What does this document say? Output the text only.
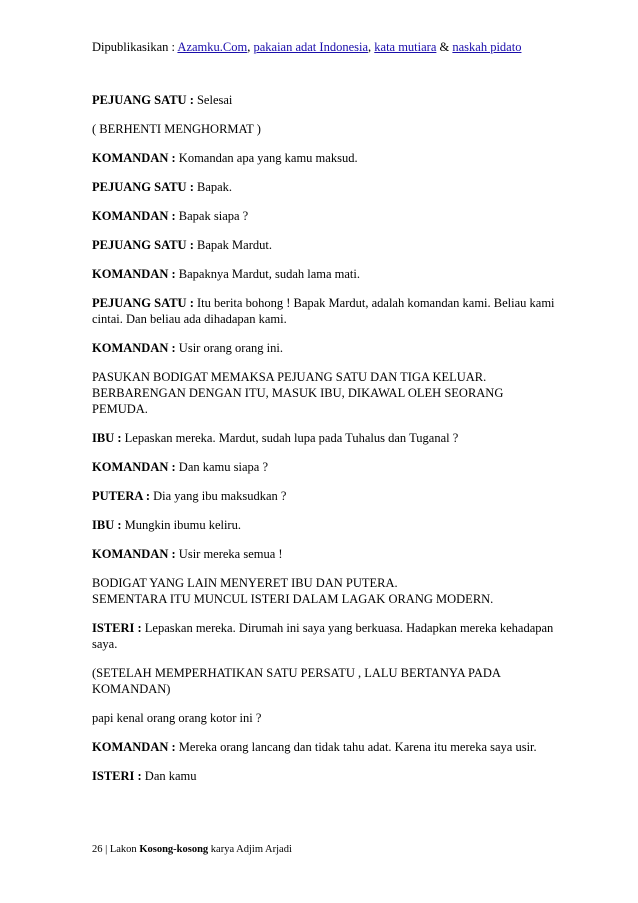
Dipublikasikan : Azamku.Com, pakaian adat Indonesia, kata mutiara & naskah pidato

PEJUANG SATU : Selesai

( BERHENTI MENGHORMAT )

KOMANDAN : Komandan apa yang kamu maksud.

PEJUANG SATU : Bapak.

KOMANDAN : Bapak siapa ?

PEJUANG SATU : Bapak Mardut.

KOMANDAN : Bapaknya Mardut, sudah lama mati.

PEJUANG SATU : Itu berita bohong ! Bapak Mardut, adalah komandan kami. Beliau kami cintai. Dan beliau ada dihadapan kami.

KOMANDAN : Usir orang orang ini.

PASUKAN BODIGAT MEMAKSA PEJUANG SATU DAN TIGA KELUAR. BERBARENGAN DENGAN ITU, MASUK IBU, DIKAWAL OLEH SEORANG PEMUDA.

IBU : Lepaskan mereka. Mardut, sudah lupa pada Tuhalus dan Tuganal ?

KOMANDAN : Dan kamu siapa ?

PUTERA : Dia yang ibu maksudkan ?

IBU : Mungkin ibumu keliru.

KOMANDAN : Usir mereka semua !

BODIGAT YANG LAIN MENYERET IBU DAN PUTERA.
SEMENTARA ITU MUNCUL ISTERI DALAM LAGAK ORANG MODERN.

ISTERI : Lepaskan mereka. Dirumah ini saya yang berkuasa. Hadapkan mereka kehadapan saya.

(SETELAH MEMPERHATIKAN SATU PERSATU , LALU BERTANYA PADA KOMANDAN)

papi kenal orang orang kotor ini ?

KOMANDAN : Mereka orang lancang dan tidak tahu adat. Karena itu mereka saya usir.

ISTERI : Dan kamu

26 | Lakon Kosong-kosong karya Adjim Arjadi
